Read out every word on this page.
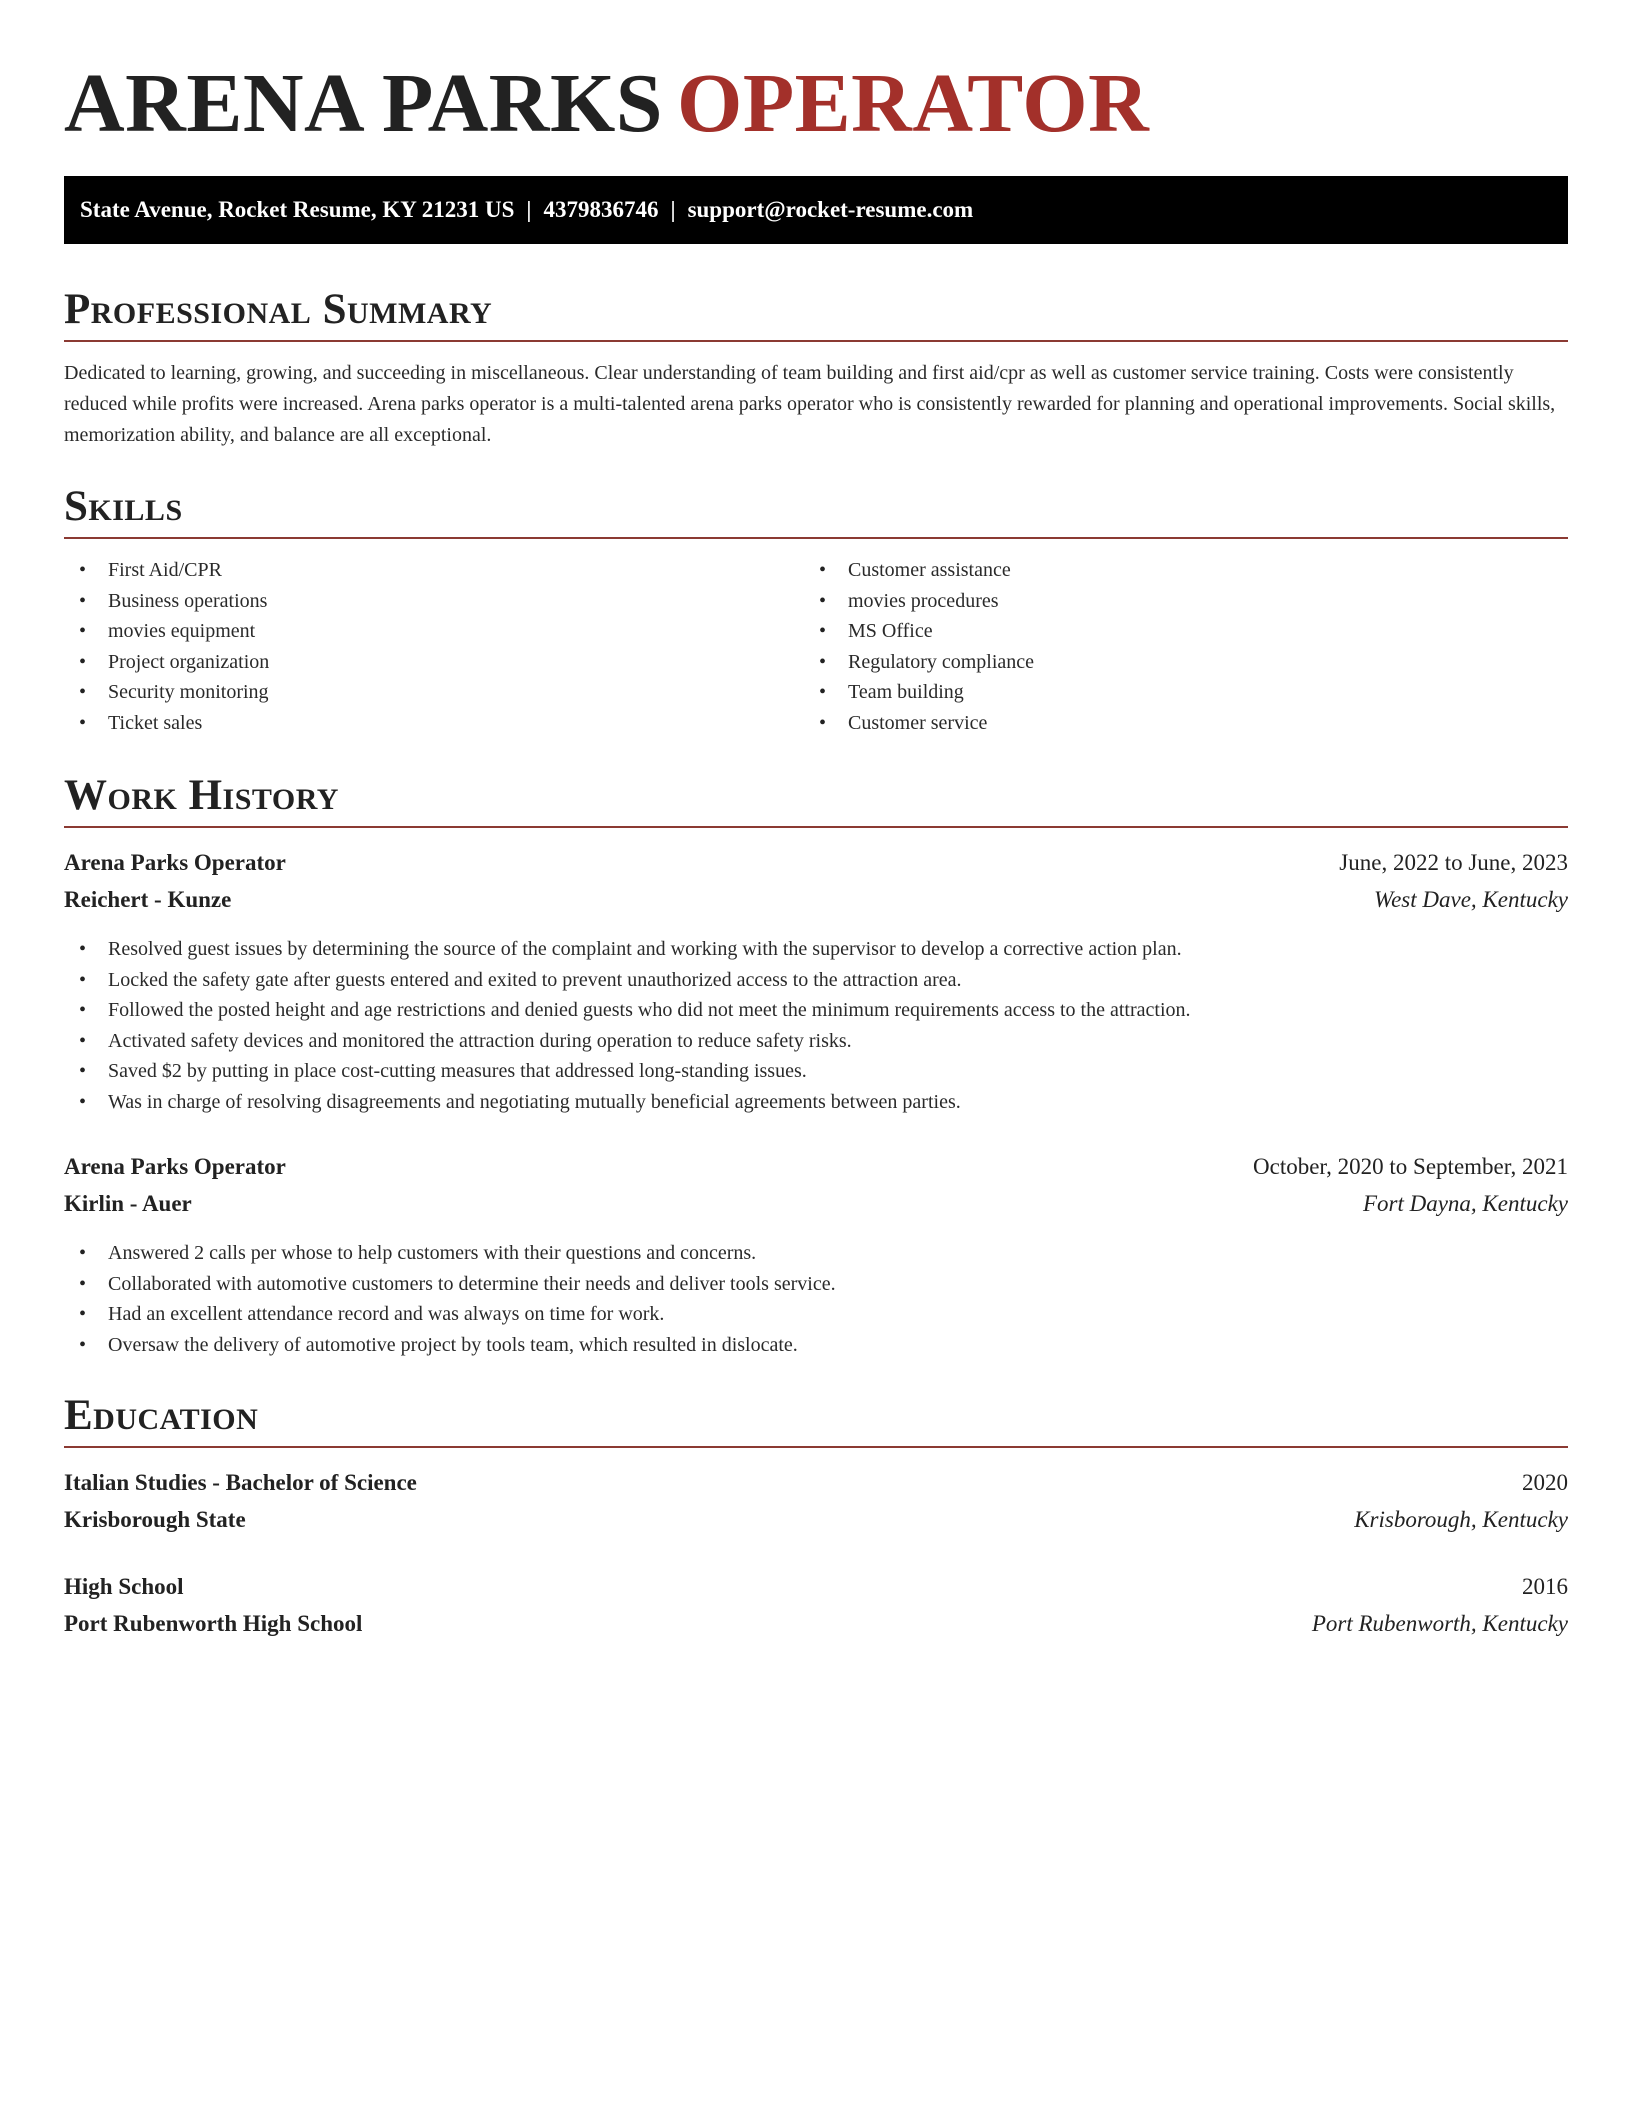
ARENA PARKS OPERATOR
State Avenue, Rocket Resume, KY 21231 US | 4379836746 | support@rocket-resume.com
Professional Summary
Dedicated to learning, growing, and succeeding in miscellaneous. Clear understanding of team building and first aid/cpr as well as customer service training. Costs were consistently reduced while profits were increased. Arena parks operator is a multi-talented arena parks operator who is consistently rewarded for planning and operational improvements. Social skills, memorization ability, and balance are all exceptional.
Skills
• First Aid/CPR
• Business operations
• movies equipment
• Project organization
• Security monitoring
• Ticket sales
• Customer assistance
• movies procedures
• MS Office
• Regulatory compliance
• Team building
• Customer service
Work History
Arena Parks Operator	June, 2022 to June, 2023
Reichert - Kunze	West Dave, Kentucky
• Resolved guest issues by determining the source of the complaint and working with the supervisor to develop a corrective action plan.
• Locked the safety gate after guests entered and exited to prevent unauthorized access to the attraction area.
• Followed the posted height and age restrictions and denied guests who did not meet the minimum requirements access to the attraction.
• Activated safety devices and monitored the attraction during operation to reduce safety risks.
• Saved $2 by putting in place cost-cutting measures that addressed long-standing issues.
• Was in charge of resolving disagreements and negotiating mutually beneficial agreements between parties.
Arena Parks Operator	October, 2020 to September, 2021
Kirlin - Auer	Fort Dayna, Kentucky
• Answered 2 calls per whose to help customers with their questions and concerns.
• Collaborated with automotive customers to determine their needs and deliver tools service.
• Had an excellent attendance record and was always on time for work.
• Oversaw the delivery of automotive project by tools team, which resulted in dislocate.
Education
Italian Studies - Bachelor of Science	2020
Krisborough State	Krisborough, Kentucky
High School	2016
Port Rubenworth High School	Port Rubenworth, Kentucky
